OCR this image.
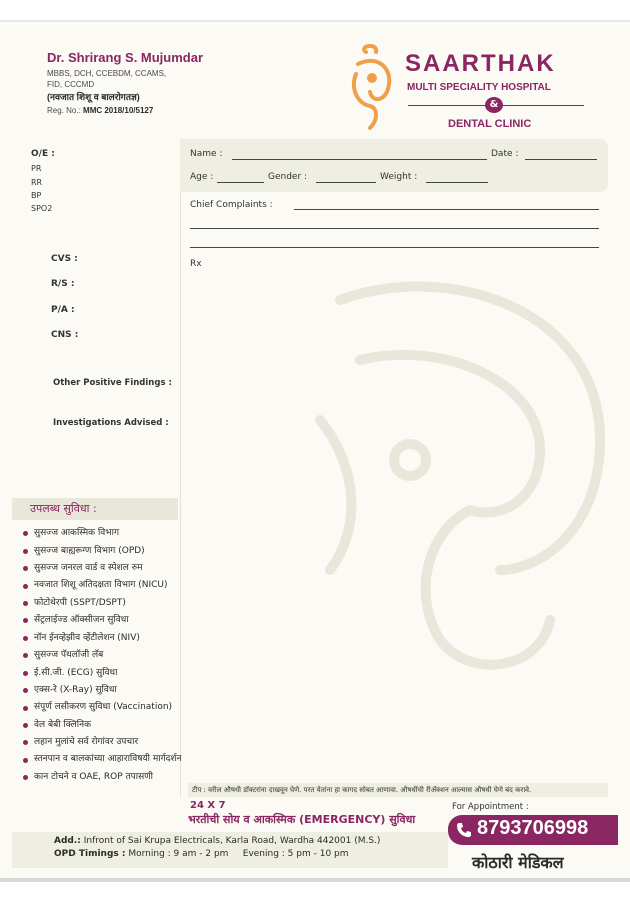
Dr. Shrirang S. Mujumdar
MBBS, DCH, CCEBDM, CCAMS,
FID, CCCMD
(नवजात शिशू व बालरोगतज्ञ)
Reg. No.: MMC 2018/10/5127
SAARTHAK
MULTI SPECIALITY HOSPITAL
&
DENTAL CLINIC
Name :	Date :
Age :	Gender :	Weight :
Chief Complaints :
O/E :
PR
RR
BP
SPO2
CVS :
R/S :
P/A :
CNS :
Other Positive Findings :
Investigations Advised :
Rx
उपलब्ध सुविधा :
सुसज्ज आकस्मिक विभाग
सुसज्ज बाह्यरूग्ण विभाग (OPD)
सुसज्ज जनरल वार्ड व स्पेशल रुम
नवजात शिशू अतिदक्षता विभाग (NICU)
फोटोथेरपी (SSPT/DSPT)
सेंट्रलाईज्ड ऑक्सीजन सुविधा
नॉन ईनव्हेझीव व्हेंटीलेशन (NIV)
सुसज्ज पॅथलॉजी लॅब
ई.सी.जी. (ECG) सुविधा
एक्स-रे (X-Ray) सुविधा
संपूर्ण लसीकरण सुविधा (Vaccination)
वेल बेबी क्लिनिक
लहान मुलांचे सर्व रोगांवर उपचार
स्तनपान व बालकांच्या आहाराविषयी मार्गदर्शन
कान टोचने व OAE, ROP तपासणी
टीप : वरील औषधी डॉक्टरांना दाखवून घेणे. परत येतांना हा कागद सोबत आणावा. औषधींची रीॲक्शन आल्यास औषधी घेणे बंद करावे.
24 X 7
भरतीची सोय व आकस्मिक (EMERGENCY) सुविधा
For Appointment :
8793706998
Add.: Infront of Sai Krupa Electricals, Karla Road, Wardha 442001 (M.S.)
OPD Timings : Morning : 9 am - 2 pm     Evening : 5 pm - 10 pm	कोठारी मेडिकल
